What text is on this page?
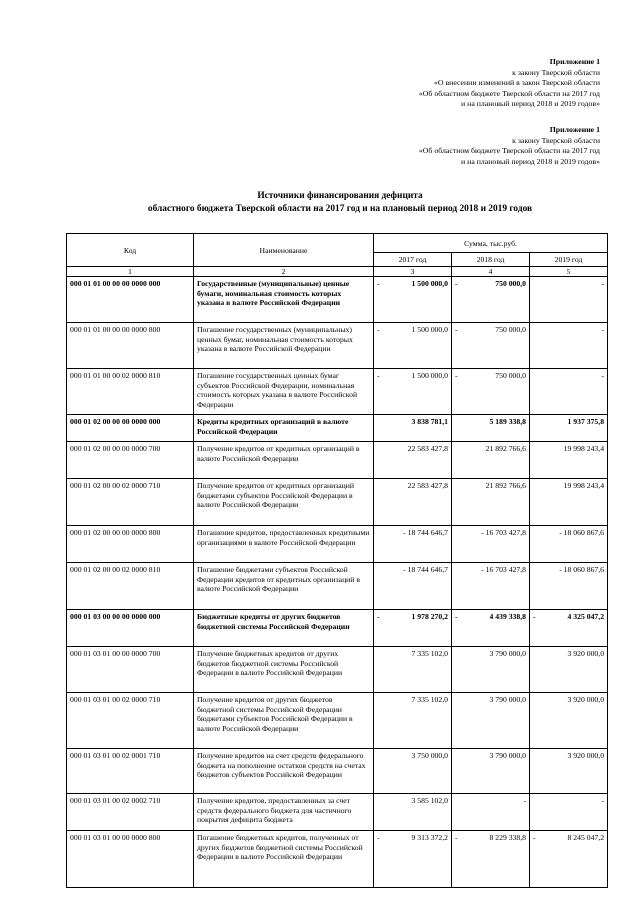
Приложение 1
к закону Тверской области
«О внесении изменений в закон Тверской области
«Об областном бюджете Тверской области на 2017 год
и на плановый период 2018 и 2019 годов»
Приложение 1
к закону Тверской области
«Об областном бюджете Тверской области на 2017 год
и на плановый период 2018 и 2019 годов»
Источники финансирования дефицита
областного бюджета Тверской области на 2017 год и на плановый период 2018 и 2019 годов
Код	Наименование	Сумма, тыс.руб.		
		2017 год	2018 год	2019 год
1	2	3	4	5
000 01 01 00 00 00 0000 000	Государственные (муниципальные) ценные бумаги, номинальная стоимость которых указана в валюте Российской Федерации	- 1 500 000,0	- 750 000,0	-
000 01 01 00 00 00 0000 800	Погашение государственных (муниципальных) ценных бумаг, номинальная стоимость которых указана в валюте Российской Федерации	- 1 500 000,0	- 750 000,0	-
000 01 01 00 00 02 0000 810	Погашение государственных ценных бумаг субъектов Российской Федерации, номинальная стоимость которых указана в валюте Российской Федерации	- 1 500 000,0	- 750 000,0	-
000 01 02 00 00 00 0000 000	Кредиты кредитных организаций в валюте Российской Федерации	3 838 781,1	5 189 338,8	1 937 375,8
000 01 02 00 00 00 0000 700	Получение кредитов от кредитных организаций в валюте Российской Федерации	22 583 427,8	21 892 766,6	19 998 243,4
000 01 02 00 00 02 0000 710	Получение кредитов от кредитных организаций бюджетами субъектов Российской Федерации в валюте Российской Федерации	22 583 427,8	21 892 766,6	19 998 243,4
000 01 02 00 00 00 0000 800	Погашение кредитов, предоставленных кредитными организациями в валюте Российской Федерации	- 18 744 646,7	- 16 703 427,8	- 18 060 867,6
000 01 02 00 00 02 0000 810	Погашение бюджетами субъектов Российской Федерации кредитов от кредитных организаций в валюте Российской Федерации	- 18 744 646,7	- 16 703 427,8	- 18 060 867,6
000 01 03 00 00 00 0000 000	Бюджетные кредиты от других бюджетов бюджетной системы Российской Федерации	- 1 978 270,2	- 4 439 338,8	- 4 325 047,2
000 01 03 01 00 00 0000 700	Получение бюджетных кредитов от других бюджетов бюджетной системы Российской Федерации в валюте Российской Федерации	7 335 102,0	3 790 000,0	3 920 000,0
000 01 03 01 00 02 0000 710	Получение кредитов от других бюджетов бюджетной системы Российской Федерации бюджетами субъектов Российской Федерации в валюте Российской Федерации	7 335 102,0	3 790 000,0	3 920 000,0
000 01 03 01 00 02 0001 710	Получение кредитов на счет средств федерального бюджета на пополнение остатков средств на счетах бюджетов субъектов Российской Федерации	3 750 000,0	3 790 000,0	3 920 000,0
000 01 03 01 00 02 0002 710	Получение кредитов, предоставленных за счет средств федерального бюджета для частичного покрытия дефицита бюджета	3 585 102,0	-	-
000 01 03 01 00 00 0000 800	Погашение бюджетных кредитов, полученных от других бюджетов бюджетной системы Российской Федерации в валюте Российской Федерации	- 9 313 372,2	- 8 229 338,8	- 8 245 047,2
